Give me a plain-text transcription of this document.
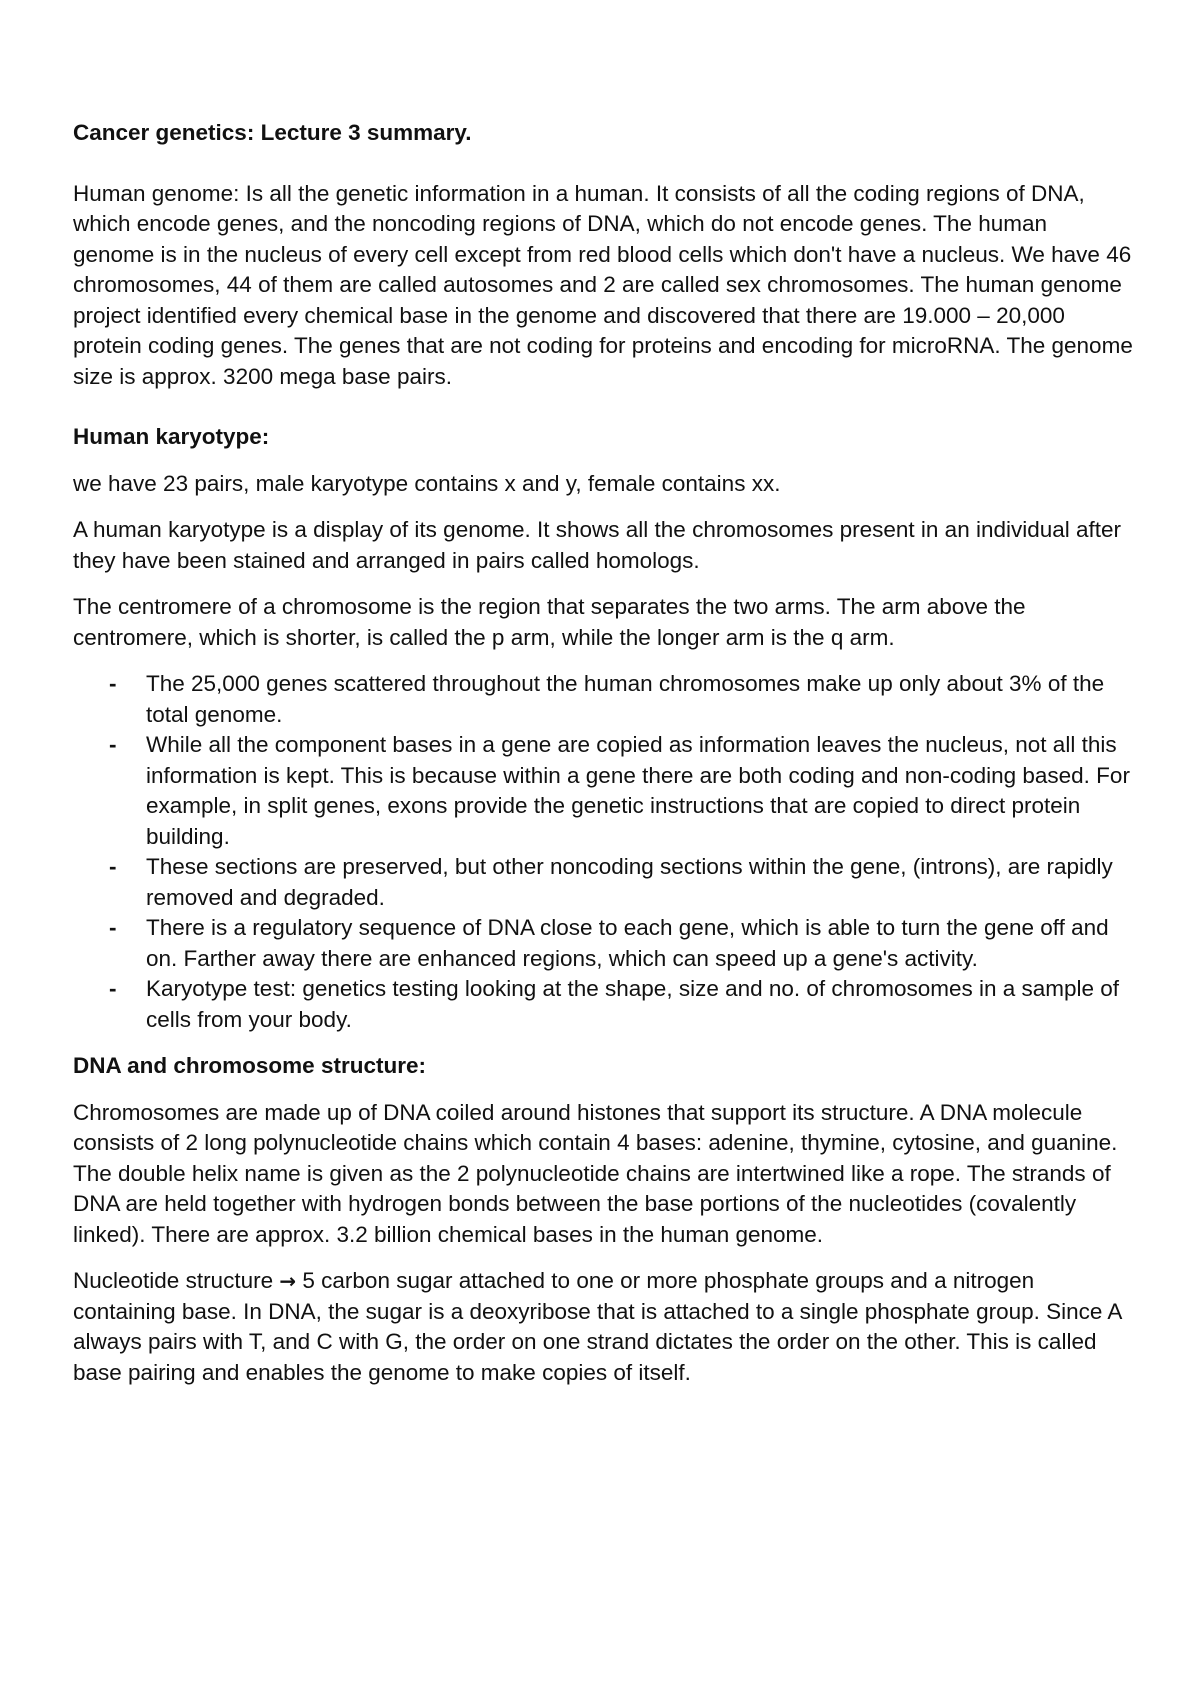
Cancer genetics: Lecture 3 summary.

Human genome: Is all the genetic information in a human. It consists of all the coding regions of DNA, which encode genes, and the noncoding regions of DNA, which do not encode genes. The human genome is in the nucleus of every cell except from red blood cells which don't have a nucleus. We have 46 chromosomes, 44 of them are called autosomes and 2 are called sex chromosomes. The human genome project identified every chemical base in the genome and discovered that there are 19.000 – 20,000 protein coding genes. The genes that are not coding for proteins and encoding for microRNA. The genome size is approx. 3200 mega base pairs.

Human karyotype:

we have 23 pairs, male karyotype contains x and y, female contains xx.

A human karyotype is a display of its genome. It shows all the chromosomes present in an individual after they have been stained and arranged in pairs called homologs.

The centromere of a chromosome is the region that separates the two arms. The arm above the centromere, which is shorter, is called the p arm, while the longer arm is the q arm.

- The 25,000 genes scattered throughout the human chromosomes make up only about 3% of the total genome.
- While all the component bases in a gene are copied as information leaves the nucleus, not all this information is kept. This is because within a gene there are both coding and non-coding based. For example, in split genes, exons provide the genetic instructions that are copied to direct protein building.
- These sections are preserved, but other noncoding sections within the gene, (introns), are rapidly removed and degraded.
- There is a regulatory sequence of DNA close to each gene, which is able to turn the gene off and on. Farther away there are enhanced regions, which can speed up a gene's activity.
- Karyotype test: genetics testing looking at the shape, size and no. of chromosomes in a sample of cells from your body.

DNA and chromosome structure:

Chromosomes are made up of DNA coiled around histones that support its structure. A DNA molecule consists of 2 long polynucleotide chains which contain 4 bases: adenine, thymine, cytosine, and guanine. The double helix name is given as the 2 polynucleotide chains are intertwined like a rope. The strands of DNA are held together with hydrogen bonds between the base portions of the nucleotides (covalently linked). There are approx. 3.2 billion chemical bases in the human genome.

Nucleotide structure → 5 carbon sugar attached to one or more phosphate groups and a nitrogen containing base. In DNA, the sugar is a deoxyribose that is attached to a single phosphate group. Since A always pairs with T, and C with G, the order on one strand dictates the order on the other. This is called base pairing and enables the genome to make copies of itself.
